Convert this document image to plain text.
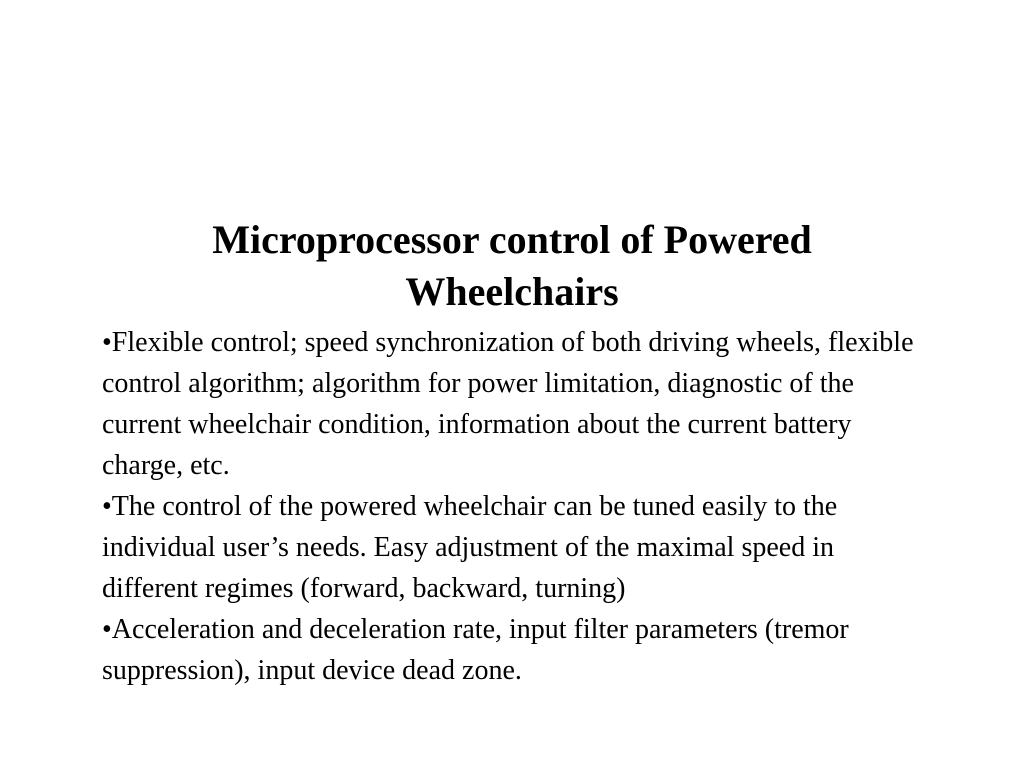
Microprocessor control of Powered
Wheelchairs
•Flexible control; speed synchronization of both driving wheels, flexible control algorithm; algorithm for power limitation, diagnostic of the current wheelchair condition, information about the current battery charge, etc.
•The control of the powered wheelchair can be tuned easily to the individual user’s needs. Easy adjustment of the maximal speed in different regimes (forward, backward, turning)
•Acceleration and deceleration rate, input filter parameters (tremor suppression), input device dead zone.
